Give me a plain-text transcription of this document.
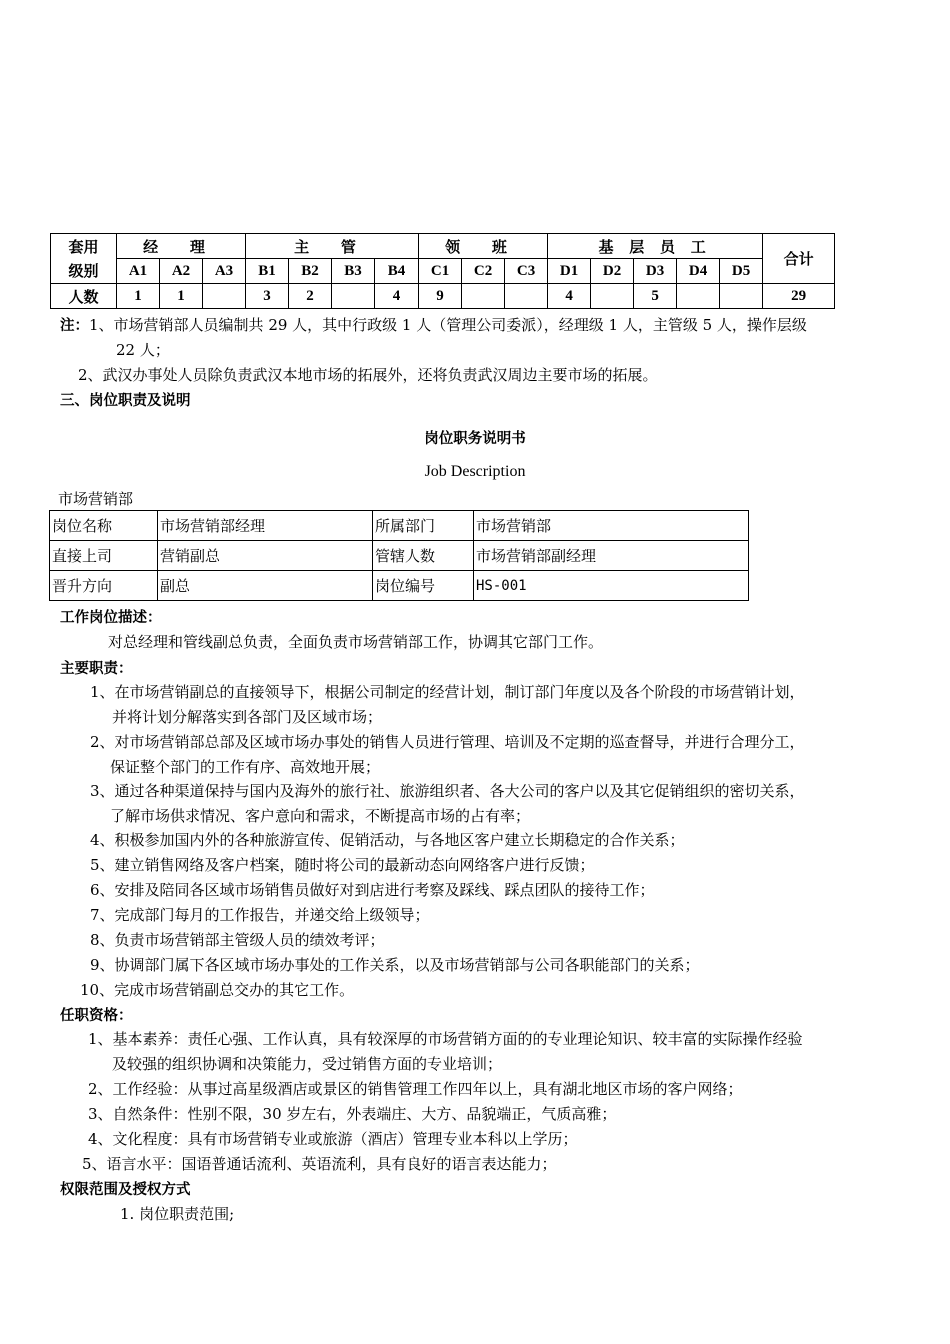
套用	经 理			主 管				领 班			基 层 员 工					合计
级别	A1	A2	A3	B1	B2	B3	B4	C1	C2	C3	D1	D2	D3	D4	D5	
人数	1	1		3	2		4	9			4		5			29
注：1、市场营销部人员编制共 29 人，其中行政级 1 人（管理公司委派），经理级 1 人，主管级 5 人，操作层级
22 人；
2、武汉办事处人员除负责武汉本地市场的拓展外，还将负责武汉周边主要市场的拓展。
三、岗位职责及说明
岗位职务说明书
Job Description
市场营销部
岗位名称	市场营销部经理	所属部门	市场营销部
直接上司	营销副总	管辖人数	市场营销部副经理
晋升方向	副总	岗位编号	HS-001
工作岗位描述：
对总经理和管线副总负责，全面负责市场营销部工作，协调其它部门工作。
主要职责：
1、在市场营销副总的直接领导下，根据公司制定的经营计划，制订部门年度以及各个阶段的市场营销计划，
并将计划分解落实到各部门及区域市场；
2、对市场营销部总部及区域市场办事处的销售人员进行管理、培训及不定期的巡查督导，并进行合理分工，
保证整个部门的工作有序、高效地开展；
3、通过各种渠道保持与国内及海外的旅行社、旅游组织者、各大公司的客户以及其它促销组织的密切关系，
了解市场供求情况、客户意向和需求，不断提高市场的占有率；
4、积极参加国内外的各种旅游宣传、促销活动，与各地区客户建立长期稳定的合作关系；
5、建立销售网络及客户档案，随时将公司的最新动态向网络客户进行反馈；
6、安排及陪同各区域市场销售员做好对到店进行考察及踩线、踩点团队的接待工作；
7、完成部门每月的工作报告，并递交给上级领导；
8、负责市场营销部主管级人员的绩效考评；
9、协调部门属下各区域市场办事处的工作关系，以及市场营销部与公司各职能部门的关系；
10、完成市场营销副总交办的其它工作。
任职资格：
1、基本素养：责任心强、工作认真，具有较深厚的市场营销方面的的专业理论知识、较丰富的实际操作经验
及较强的组织协调和决策能力，受过销售方面的专业培训；
2、工作经验：从事过高星级酒店或景区的销售管理工作四年以上，具有湖北地区市场的客户网络；
3、自然条件：性别不限，30 岁左右，外表端庄、大方、品貌端正，气质高雅；
4、文化程度：具有市场营销专业或旅游（酒店）管理专业本科以上学历；
5、语言水平：国语普通话流利、英语流利，具有良好的语言表达能力；
权限范围及授权方式
1. 岗位职责范围;
